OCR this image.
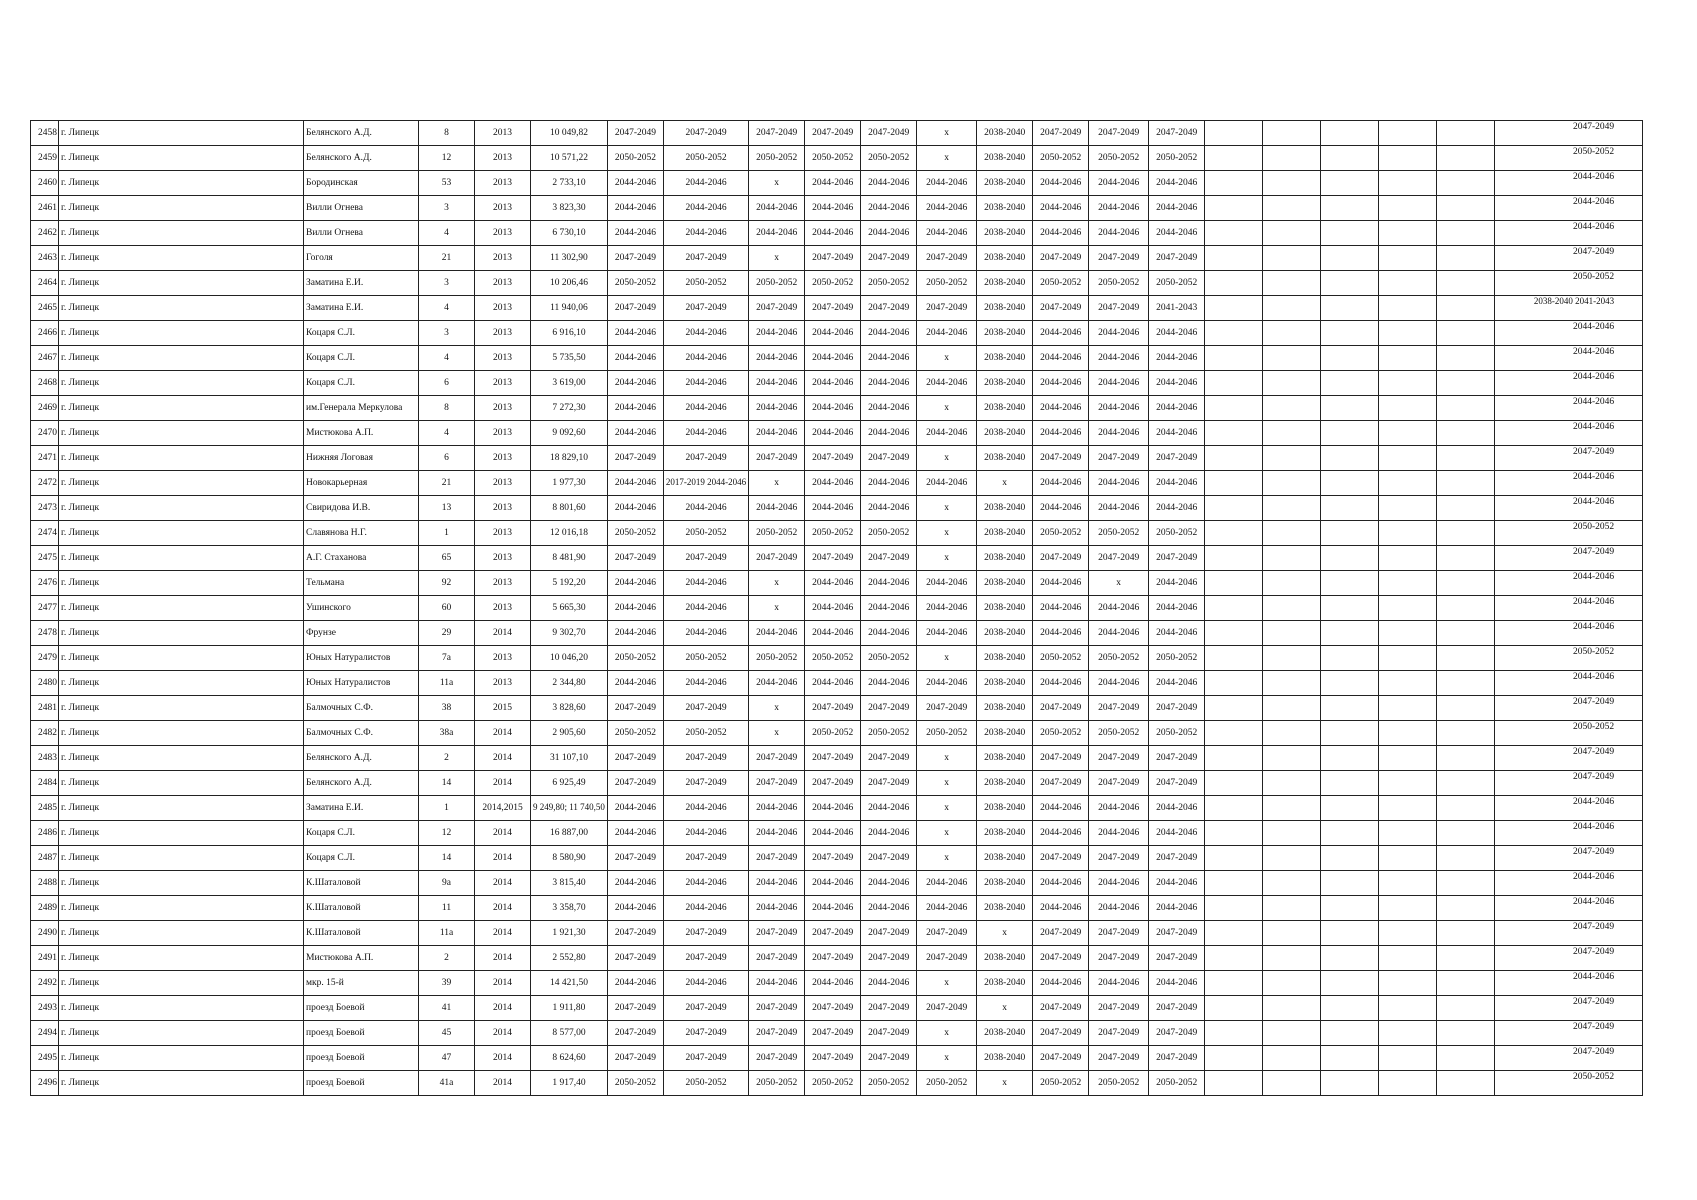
2458	г. Липецк	Белянского А.Д.	8	2013	10 049,82	2047-2049	2047-2049	2047-2049	2047-2049	2047-2049	х	2038-2040	2047-2049	2047-2049	2047-2049						2047-2049
2459	г. Липецк	Белянского А.Д.	12	2013	10 571,22	2050-2052	2050-2052	2050-2052	2050-2052	2050-2052	х	2038-2040	2050-2052	2050-2052	2050-2052						2050-2052
2460	г. Липецк	Бородинская	53	2013	2 733,10	2044-2046	2044-2046	х	2044-2046	2044-2046	2044-2046	2038-2040	2044-2046	2044-2046	2044-2046						2044-2046
2461	г. Липецк	Вилли Огнева	3	2013	3 823,30	2044-2046	2044-2046	2044-2046	2044-2046	2044-2046	2044-2046	2038-2040	2044-2046	2044-2046	2044-2046						2044-2046
2462	г. Липецк	Вилли Огнева	4	2013	6 730,10	2044-2046	2044-2046	2044-2046	2044-2046	2044-2046	2044-2046	2038-2040	2044-2046	2044-2046	2044-2046						2044-2046
2463	г. Липецк	Гоголя	21	2013	11 302,90	2047-2049	2047-2049	х	2047-2049	2047-2049	2047-2049	2038-2040	2047-2049	2047-2049	2047-2049						2047-2049
2464	г. Липецк	Заматина Е.И.	3	2013	10 206,46	2050-2052	2050-2052	2050-2052	2050-2052	2050-2052	2050-2052	2038-2040	2050-2052	2050-2052	2050-2052						2050-2052
2465	г. Липецк	Заматина Е.И.	4	2013	11 940,06	2047-2049	2047-2049	2047-2049	2047-2049	2047-2049	2047-2049	2038-2040	2047-2049	2047-2049	2041-2043						2038-2040 2041-2043
2466	г. Липецк	Коцаря С.Л.	3	2013	6 916,10	2044-2046	2044-2046	2044-2046	2044-2046	2044-2046	2044-2046	2038-2040	2044-2046	2044-2046	2044-2046						2044-2046
2467	г. Липецк	Коцаря С.Л.	4	2013	5 735,50	2044-2046	2044-2046	2044-2046	2044-2046	2044-2046	х	2038-2040	2044-2046	2044-2046	2044-2046						2044-2046
2468	г. Липецк	Коцаря С.Л.	6	2013	3 619,00	2044-2046	2044-2046	2044-2046	2044-2046	2044-2046	2044-2046	2038-2040	2044-2046	2044-2046	2044-2046						2044-2046
2469	г. Липецк	им.Генерала Меркулова	8	2013	7 272,30	2044-2046	2044-2046	2044-2046	2044-2046	2044-2046	х	2038-2040	2044-2046	2044-2046	2044-2046						2044-2046
2470	г. Липецк	Мистюкова А.П.	4	2013	9 092,60	2044-2046	2044-2046	2044-2046	2044-2046	2044-2046	2044-2046	2038-2040	2044-2046	2044-2046	2044-2046						2044-2046
2471	г. Липецк	Нижняя Логовая	6	2013	18 829,10	2047-2049	2047-2049	2047-2049	2047-2049	2047-2049	х	2038-2040	2047-2049	2047-2049	2047-2049						2047-2049
2472	г. Липецк	Новокарьерная	21	2013	1 977,30	2044-2046	2017-2019 2044-2046	х	2044-2046	2044-2046	2044-2046	х	2044-2046	2044-2046	2044-2046						2044-2046
2473	г. Липецк	Свиридова И.В.	13	2013	8 801,60	2044-2046	2044-2046	2044-2046	2044-2046	2044-2046	х	2038-2040	2044-2046	2044-2046	2044-2046						2044-2046
2474	г. Липецк	Славянова Н.Г.	1	2013	12 016,18	2050-2052	2050-2052	2050-2052	2050-2052	2050-2052	х	2038-2040	2050-2052	2050-2052	2050-2052						2050-2052
2475	г. Липецк	А.Г. Стаханова	65	2013	8 481,90	2047-2049	2047-2049	2047-2049	2047-2049	2047-2049	х	2038-2040	2047-2049	2047-2049	2047-2049						2047-2049
2476	г. Липецк	Тельмана	92	2013	5 192,20	2044-2046	2044-2046	х	2044-2046	2044-2046	2044-2046	2038-2040	2044-2046	х	2044-2046						2044-2046
2477	г. Липецк	Ушинского	60	2013	5 665,30	2044-2046	2044-2046	х	2044-2046	2044-2046	2044-2046	2038-2040	2044-2046	2044-2046	2044-2046						2044-2046
2478	г. Липецк	Фрунзе	29	2014	9 302,70	2044-2046	2044-2046	2044-2046	2044-2046	2044-2046	2044-2046	2038-2040	2044-2046	2044-2046	2044-2046						2044-2046
2479	г. Липецк	Юных Натуралистов	7а	2013	10 046,20	2050-2052	2050-2052	2050-2052	2050-2052	2050-2052	х	2038-2040	2050-2052	2050-2052	2050-2052						2050-2052
2480	г. Липецк	Юных Натуралистов	11а	2013	2 344,80	2044-2046	2044-2046	2044-2046	2044-2046	2044-2046	2044-2046	2038-2040	2044-2046	2044-2046	2044-2046						2044-2046
2481	г. Липецк	Балмочных С.Ф.	38	2015	3 828,60	2047-2049	2047-2049	х	2047-2049	2047-2049	2047-2049	2038-2040	2047-2049	2047-2049	2047-2049						2047-2049
2482	г. Липецк	Балмочных С.Ф.	38а	2014	2 905,60	2050-2052	2050-2052	х	2050-2052	2050-2052	2050-2052	2038-2040	2050-2052	2050-2052	2050-2052						2050-2052
2483	г. Липецк	Белянского А.Д.	2	2014	31 107,10	2047-2049	2047-2049	2047-2049	2047-2049	2047-2049	х	2038-2040	2047-2049	2047-2049	2047-2049						2047-2049
2484	г. Липецк	Белянского А.Д.	14	2014	6 925,49	2047-2049	2047-2049	2047-2049	2047-2049	2047-2049	х	2038-2040	2047-2049	2047-2049	2047-2049						2047-2049
2485	г. Липецк	Заматина Е.И.	1	2014,2015	9 249,80; 11 740,50	2044-2046	2044-2046	2044-2046	2044-2046	2044-2046	х	2038-2040	2044-2046	2044-2046	2044-2046						2044-2046
2486	г. Липецк	Коцаря С.Л.	12	2014	16 887,00	2044-2046	2044-2046	2044-2046	2044-2046	2044-2046	х	2038-2040	2044-2046	2044-2046	2044-2046						2044-2046
2487	г. Липецк	Коцаря С.Л.	14	2014	8 580,90	2047-2049	2047-2049	2047-2049	2047-2049	2047-2049	х	2038-2040	2047-2049	2047-2049	2047-2049						2047-2049
2488	г. Липецк	К.Шаталовой	9а	2014	3 815,40	2044-2046	2044-2046	2044-2046	2044-2046	2044-2046	2044-2046	2038-2040	2044-2046	2044-2046	2044-2046						2044-2046
2489	г. Липецк	К.Шаталовой	11	2014	3 358,70	2044-2046	2044-2046	2044-2046	2044-2046	2044-2046	2044-2046	2038-2040	2044-2046	2044-2046	2044-2046						2044-2046
2490	г. Липецк	К.Шаталовой	11а	2014	1 921,30	2047-2049	2047-2049	2047-2049	2047-2049	2047-2049	2047-2049	х	2047-2049	2047-2049	2047-2049						2047-2049
2491	г. Липецк	Мистюкова А.П.	2	2014	2 552,80	2047-2049	2047-2049	2047-2049	2047-2049	2047-2049	2047-2049	2038-2040	2047-2049	2047-2049	2047-2049						2047-2049
2492	г. Липецк	мкр. 15-й	39	2014	14 421,50	2044-2046	2044-2046	2044-2046	2044-2046	2044-2046	х	2038-2040	2044-2046	2044-2046	2044-2046						2044-2046
2493	г. Липецк	проезд Боевой	41	2014	1 911,80	2047-2049	2047-2049	2047-2049	2047-2049	2047-2049	2047-2049	х	2047-2049	2047-2049	2047-2049						2047-2049
2494	г. Липецк	проезд Боевой	45	2014	8 577,00	2047-2049	2047-2049	2047-2049	2047-2049	2047-2049	х	2038-2040	2047-2049	2047-2049	2047-2049						2047-2049
2495	г. Липецк	проезд Боевой	47	2014	8 624,60	2047-2049	2047-2049	2047-2049	2047-2049	2047-2049	х	2038-2040	2047-2049	2047-2049	2047-2049						2047-2049
2496	г. Липецк	проезд Боевой	41а	2014	1 917,40	2050-2052	2050-2052	2050-2052	2050-2052	2050-2052	2050-2052	х	2050-2052	2050-2052	2050-2052						2050-2052
